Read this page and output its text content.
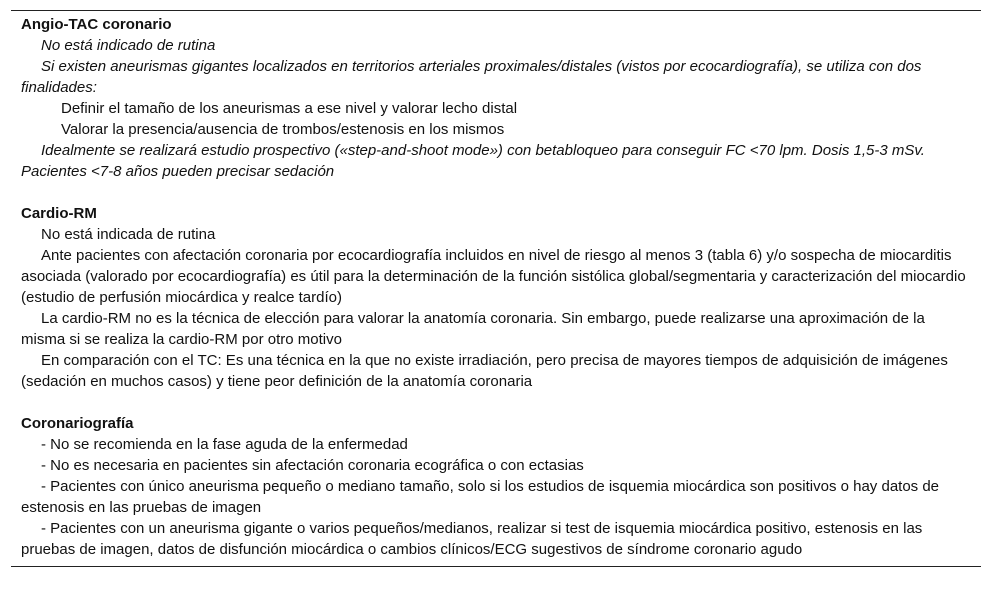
Angio-TAC coronario
No está indicado de rutina
Si existen aneurismas gigantes localizados en territorios arteriales proximales/distales (vistos por ecocardiografía), se utiliza con dos finalidades:
Definir el tamaño de los aneurismas a ese nivel y valorar lecho distal
Valorar la presencia/ausencia de trombos/estenosis en los mismos
Idealmente se realizará estudio prospectivo («step-and-shoot mode») con betabloqueo para conseguir FC <70 lpm. Dosis 1,5-3 mSv. Pacientes <7-8 años pueden precisar sedación
Cardio-RM
No está indicada de rutina
Ante pacientes con afectación coronaria por ecocardiografía incluidos en nivel de riesgo al menos 3 (tabla 6) y/o sospecha de miocarditis asociada (valorado por ecocardiografía) es útil para la determinación de la función sistólica global/segmentaria y caracterización del miocardio (estudio de perfusión miocárdica y realce tardío)
La cardio-RM no es la técnica de elección para valorar la anatomía coronaria. Sin embargo, puede realizarse una aproximación de la misma si se realiza la cardio-RM por otro motivo
En comparación con el TC: Es una técnica en la que no existe irradiación, pero precisa de mayores tiempos de adquisición de imágenes (sedación en muchos casos) y tiene peor definición de la anatomía coronaria
Coronariografía
- No se recomienda en la fase aguda de la enfermedad
- No es necesaria en pacientes sin afectación coronaria ecográfica o con ectasias
- Pacientes con único aneurisma pequeño o mediano tamaño, solo si los estudios de isquemia miocárdica son positivos o hay datos de estenosis en las pruebas de imagen
- Pacientes con un aneurisma gigante o varios pequeños/medianos, realizar si test de isquemia miocárdica positivo, estenosis en las pruebas de imagen, datos de disfunción miocárdica o cambios clínicos/ECG sugestivos de síndrome coronario agudo
